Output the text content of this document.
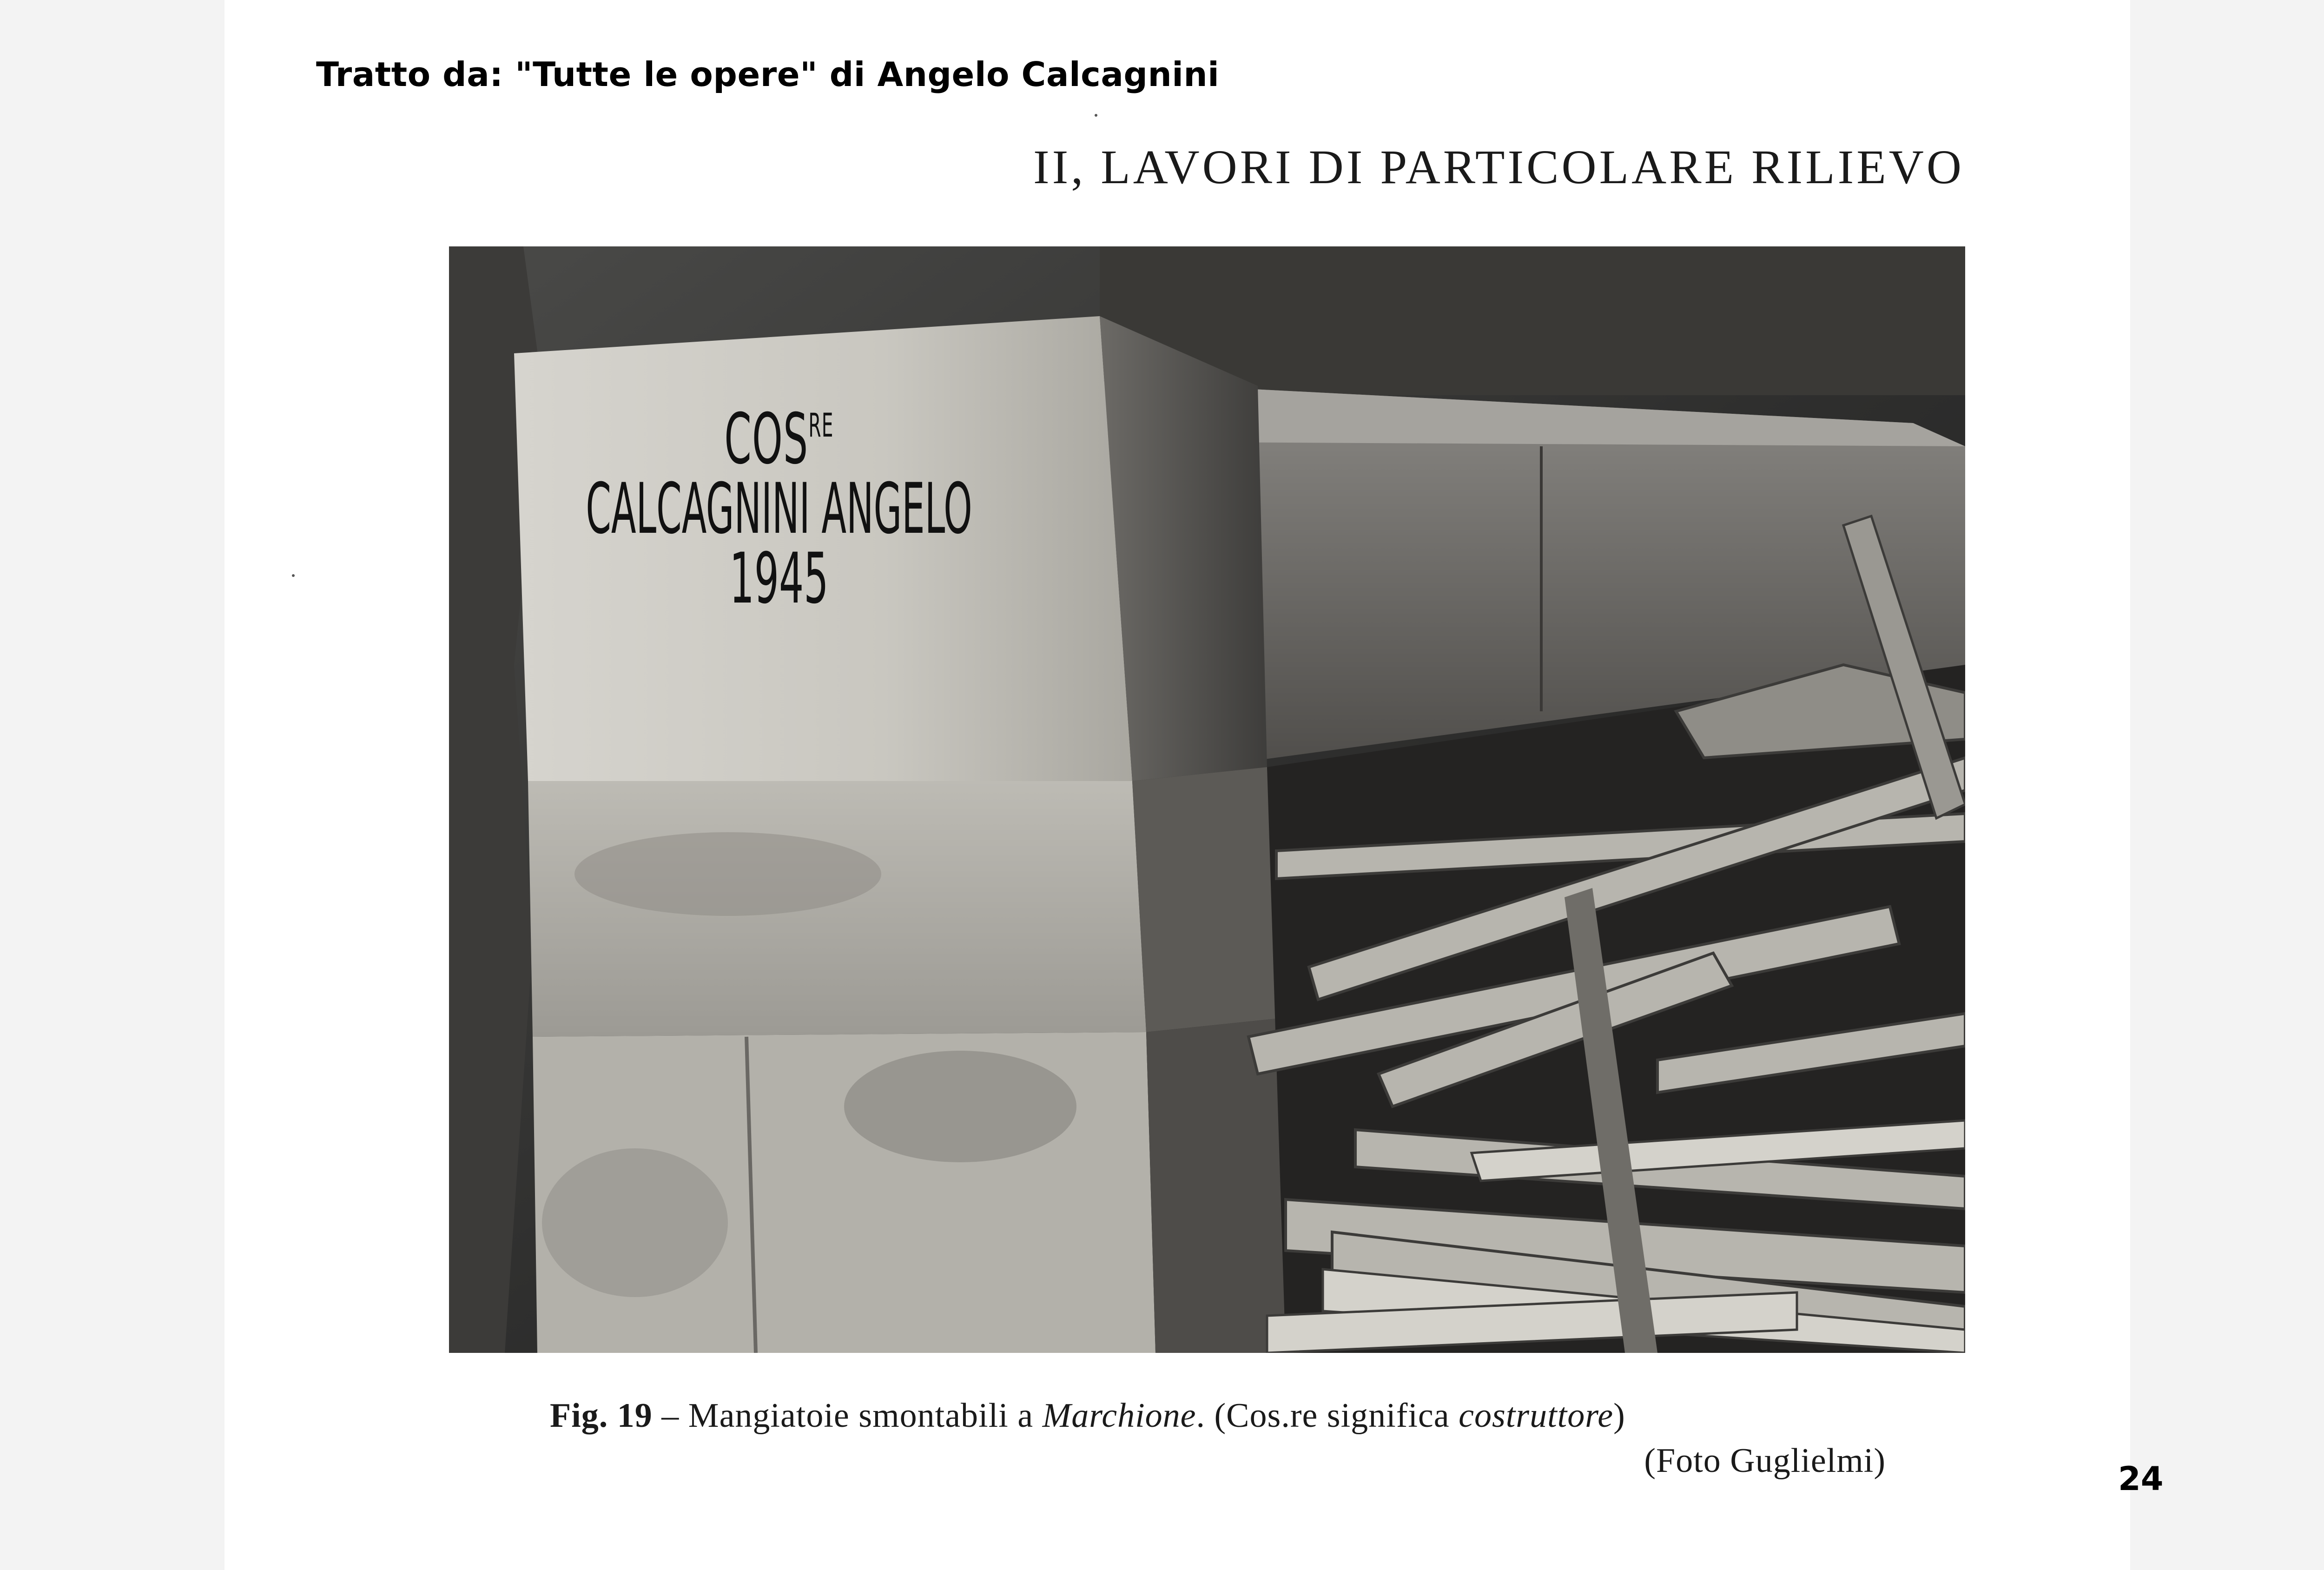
Tratto da: "Tutte le opere" di Angelo Calcagnini
II, LAVORI DI PARTICOLARE RILIEVO
$COS^{RE}$
CALCAGNINI ANGELO
1945
Fig. 19 – Mangiatoie smontabili a Marchione. (Cos.re significa costruttore)
(Foto Guglielmi)	24
